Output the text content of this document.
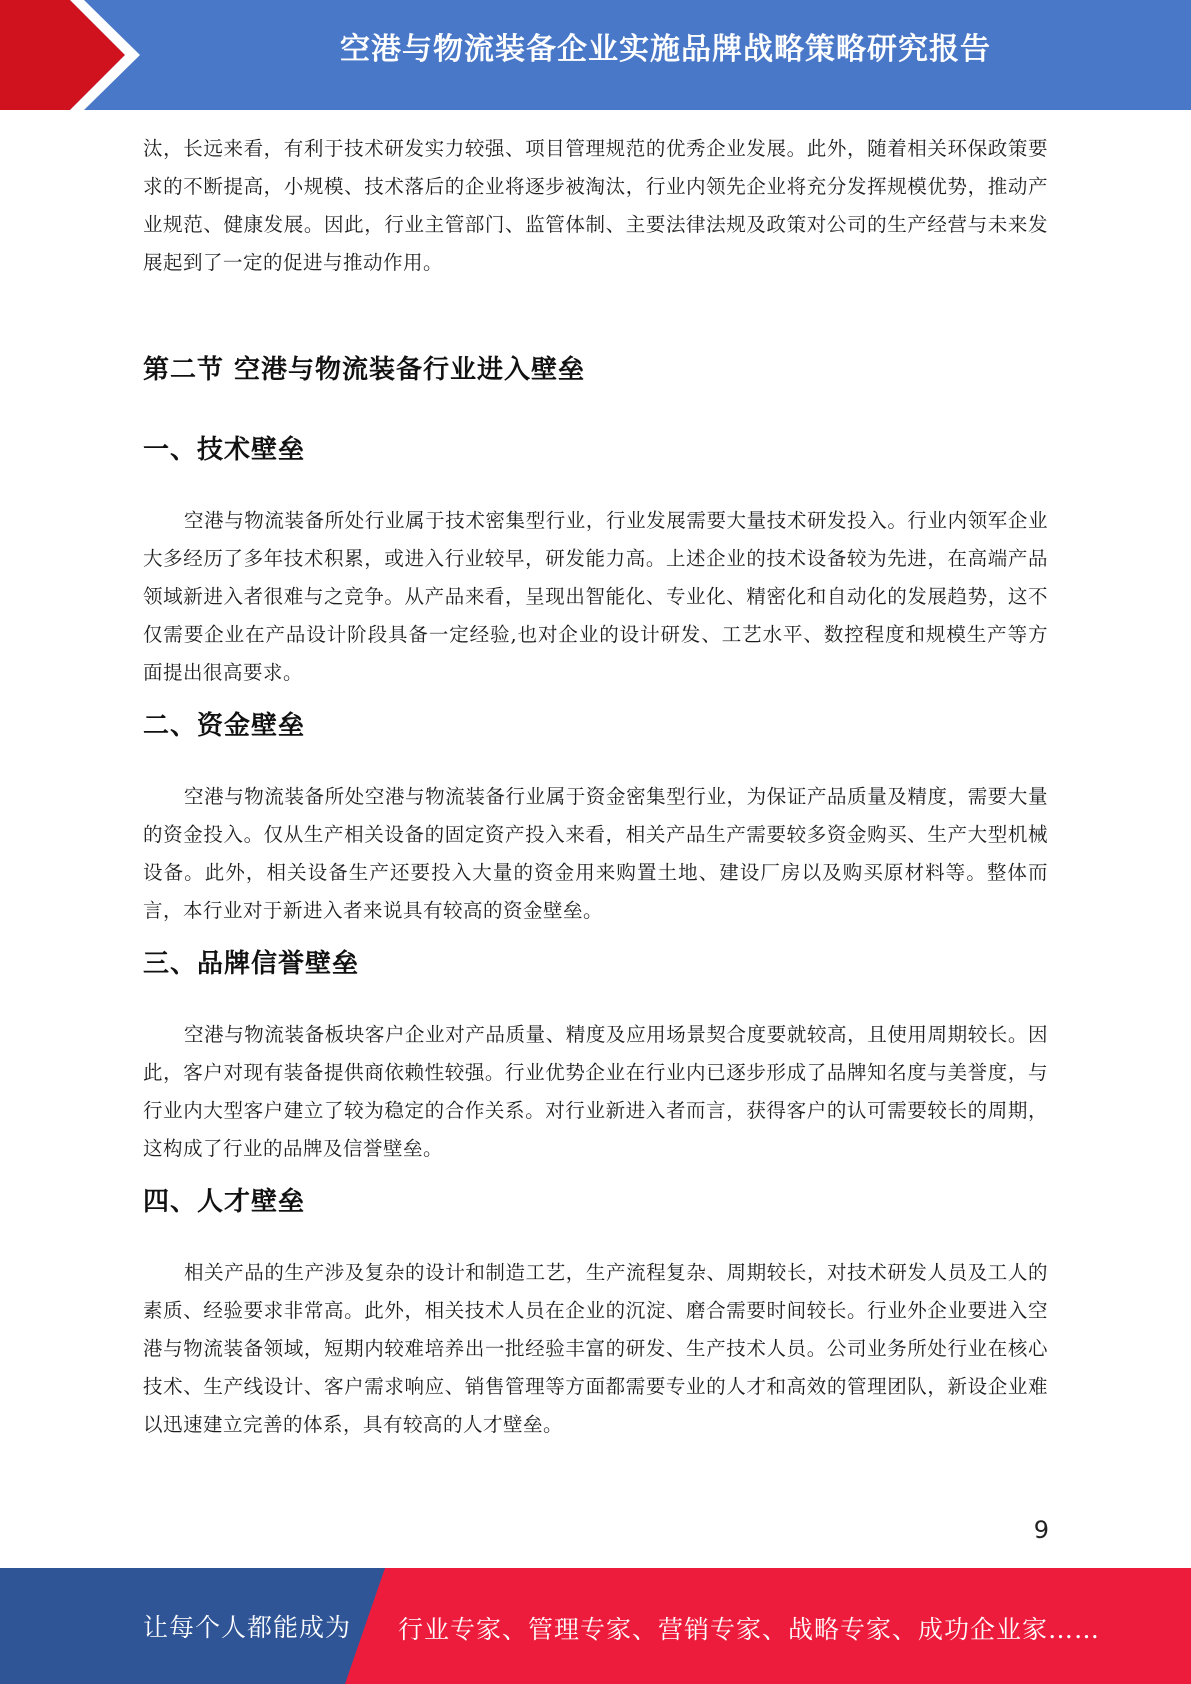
空港与物流装备企业实施品牌战略策略研究报告

汰，长远来看，有利于技术研发实力较强、项目管理规范的优秀企业发展。此外，随着相关环保政策要求的不断提高，小规模、技术落后的企业将逐步被淘汰，行业内领先企业将充分发挥规模优势，推动产业规范、健康发展。因此，行业主管部门、监管体制、主要法律法规及政策对公司的生产经营与未来发展起到了一定的促进与推动作用。

第二节 空港与物流装备行业进入壁垒
一、技术壁垒

空港与物流装备所处行业属于技术密集型行业，行业发展需要大量技术研发投入。行业内领军企业大多经历了多年技术积累，或进入行业较早，研发能力高。上述企业的技术设备较为先进，在高端产品领域新进入者很难与之竞争。从产品来看，呈现出智能化、专业化、精密化和自动化的发展趋势，这不仅需要企业在产品设计阶段具备一定经验,也对企业的设计研发、工艺水平、数控程度和规模生产等方面提出很高要求。

二、资金壁垒

空港与物流装备所处空港与物流装备行业属于资金密集型行业，为保证产品质量及精度，需要大量的资金投入。仅从生产相关设备的固定资产投入来看，相关产品生产需要较多资金购买、生产大型机械设备。此外，相关设备生产还要投入大量的资金用来购置土地、建设厂房以及购买原材料等。整体而言，本行业对于新进入者来说具有较高的资金壁垒。

三、品牌信誉壁垒

空港与物流装备板块客户企业对产品质量、精度及应用场景契合度要就较高，且使用周期较长。因此，客户对现有装备提供商依赖性较强。行业优势企业在行业内已逐步形成了品牌知名度与美誉度，与行业内大型客户建立了较为稳定的合作关系。对行业新进入者而言，获得客户的认可需要较长的周期，这构成了行业的品牌及信誉壁垒。

四、人才壁垒

相关产品的生产涉及复杂的设计和制造工艺，生产流程复杂、周期较长，对技术研发人员及工人的素质、经验要求非常高。此外，相关技术人员在企业的沉淀、磨合需要时间较长。行业外企业要进入空港与物流装备领域，短期内较难培养出一批经验丰富的研发、生产技术人员。公司业务所处行业在核心技术、生产线设计、客户需求响应、销售管理等方面都需要专业的人才和高效的管理团队，新设企业难以迅速建立完善的体系，具有较高的人才壁垒。

9
让每个人都能成为 行业专家、管理专家、营销专家、战略专家、成功企业家……
